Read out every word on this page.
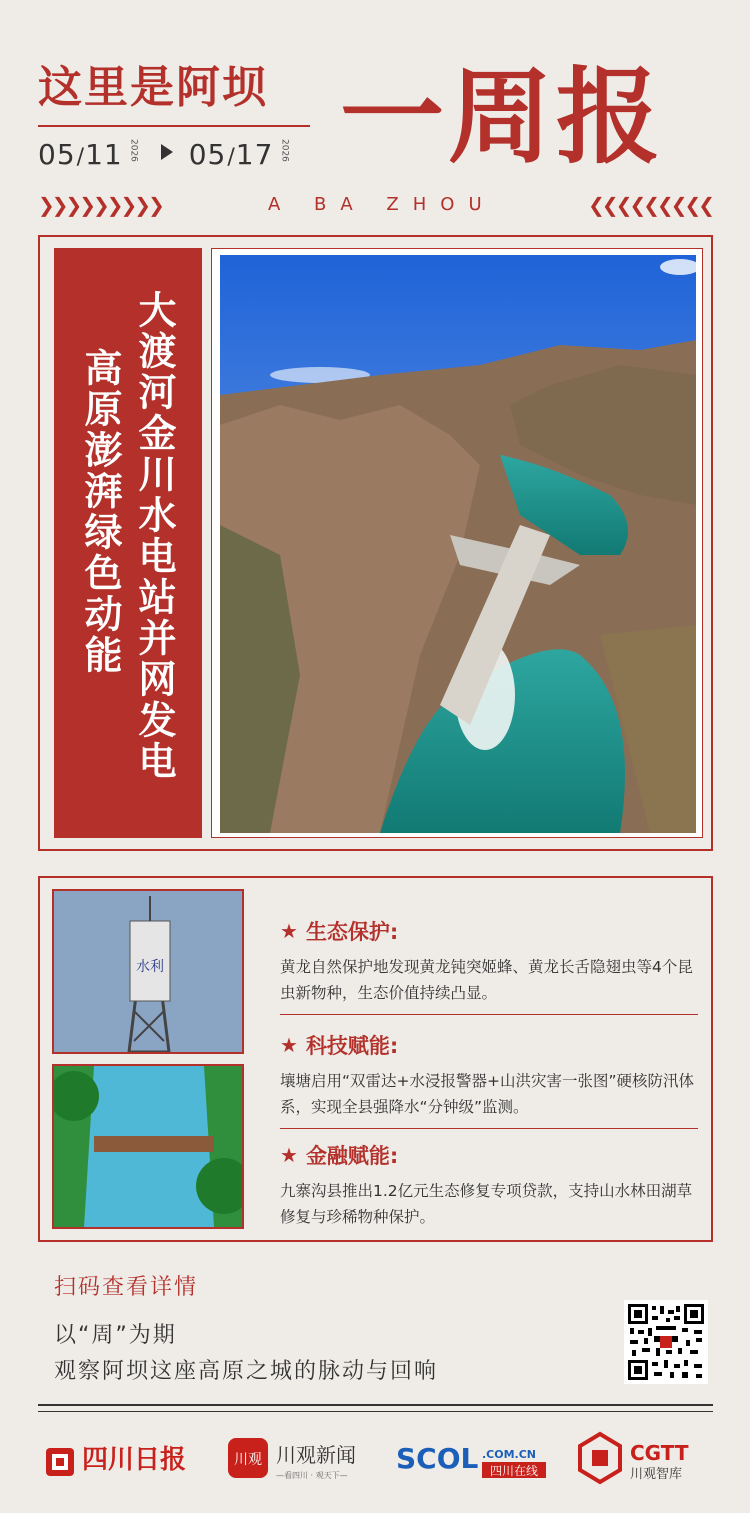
这里是阿坝
05 / 11 2026 05 / 17 2026 一周报
❯❯❯❯❯❯❯❯❯	A BA ZHOU	❮❮❮❮❮❮❮❮❮
大渡河金川水电站并网发电
高原澎湃绿色动能
水利
★ 生态保护:
黄龙自然保护地发现黄龙钝突姬蜂、黄龙长舌隐翅虫等4个昆虫新物种，生态价值持续凸显。
★ 科技赋能:
壤塘启用“双雷达+水浸报警器+山洪灾害一张图”硬核防汛体系，实现全县强降水“分钟级”监测。
★ 金融赋能:
九寨沟县推出1.2亿元生态修复专项贷款，支持山水林田湖草修复与珍稀物种保护。
扫码查看详情
以“周”为期
观察阿坝这座高原之城的脉动与回响
四川日报	川观 川观新闻
—看四川 · 观天下—
SCOL .COM.CN
四川在线
CGTT
川观智库
